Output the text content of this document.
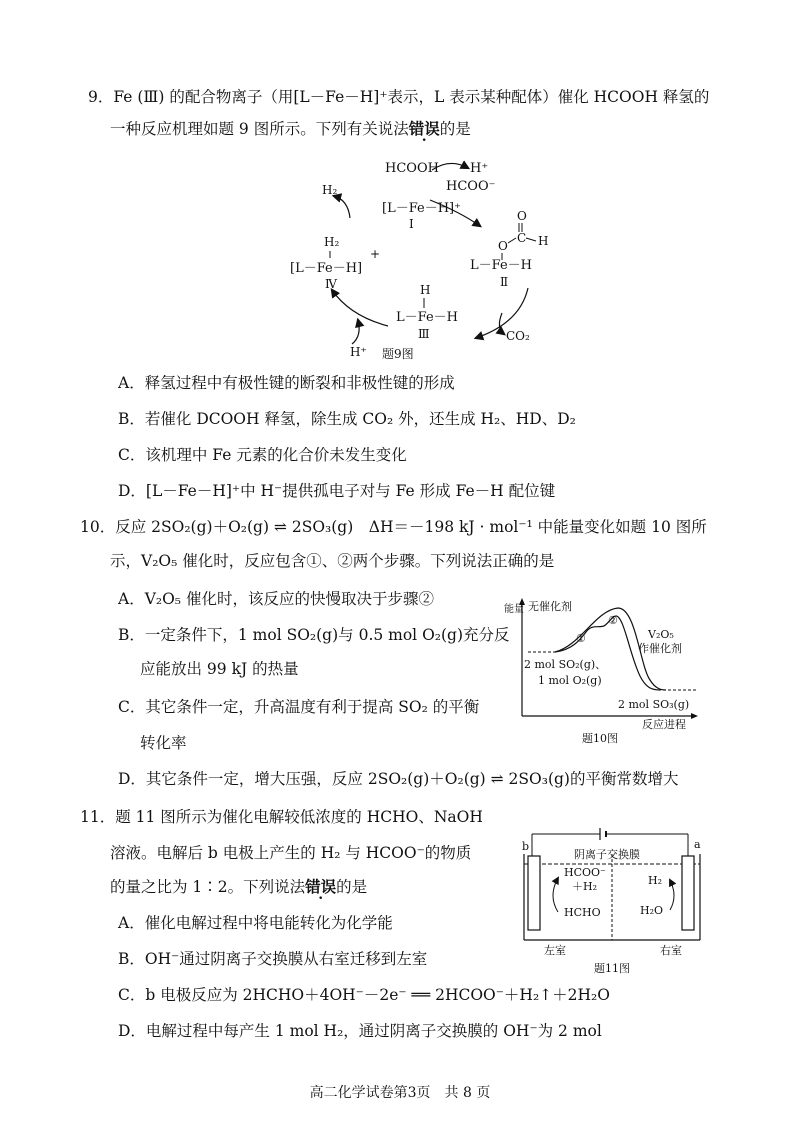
9．Fe (Ⅲ) 的配合物离子（用[L－Fe－H]⁺表示，L 表示某种配体）催化 HCOOH 释氢的
一种反应机理如题 9 图所示。下列有关说法错误的是
HCOOH H⁺
HCOO⁻
H₂
[L－Fe－H]⁺
Ⅰ
O
C H
O
L－Fe－H
Ⅱ
CO₂
H
L－Fe－H
Ⅲ
H⁺
H₂
[L－Fe－H]
+
Ⅳ
题9图
A．释氢过程中有极性键的断裂和非极性键的形成
B．若催化 DCOOH 释氢，除生成 CO₂ 外，还生成 H₂、HD、D₂
C．该机理中 Fe 元素的化合价未发生变化
D．[L－Fe－H]⁺中 H⁻提供孤电子对与 Fe 形成 Fe－H 配位键
10．反应 2SO₂(g)＋O₂(g) ⇌ 2SO₃(g)　ΔH＝－198 kJ · mol⁻¹ 中能量变化如题 10 图所
示，V₂O₅ 催化时，反应包含①、②两个步骤。下列说法正确的是
A．V₂O₅ 催化时，该反应的快慢取决于步骤②
B．一定条件下，1 mol SO₂(g)与 0.5 mol O₂(g)充分反
应能放出 99 kJ 的热量
C．其它条件一定，升高温度有利于提高 SO₂ 的平衡
转化率
D．其它条件一定，增大压强，反应 2SO₂(g)＋O₂(g) ⇌ 2SO₃(g)的平衡常数增大
能量 无催化剂
①
②
V₂O₅
作催化剂
2 mol SO₂(g)、
1 mol O₂(g)
2 mol SO₃(g)
反应进程
题10图
11．题 11 图所示为催化电解较低浓度的 HCHO、NaOH
溶液。电解后 b 电极上产生的 H₂ 与 HCOO⁻的物质
的量之比为 1∶2。下列说法错误的是
A．催化电解过程中将电能转化为化学能
B．OH⁻通过阴离子交换膜从右室迁移到左室
C．b 电极反应为 2HCHO＋4OH⁻－2e⁻ ══ 2HCOO⁻＋H₂↑＋2H₂O
D．电解过程中每产生 1 mol H₂，通过阴离子交换膜的 OH⁻为 2 mol
b	a
阴离子交换膜
HCOO⁻
＋H₂
HCHO
H₂
H₂O
左室	右室
题11图
高二化学试卷第3页　共 8 页
